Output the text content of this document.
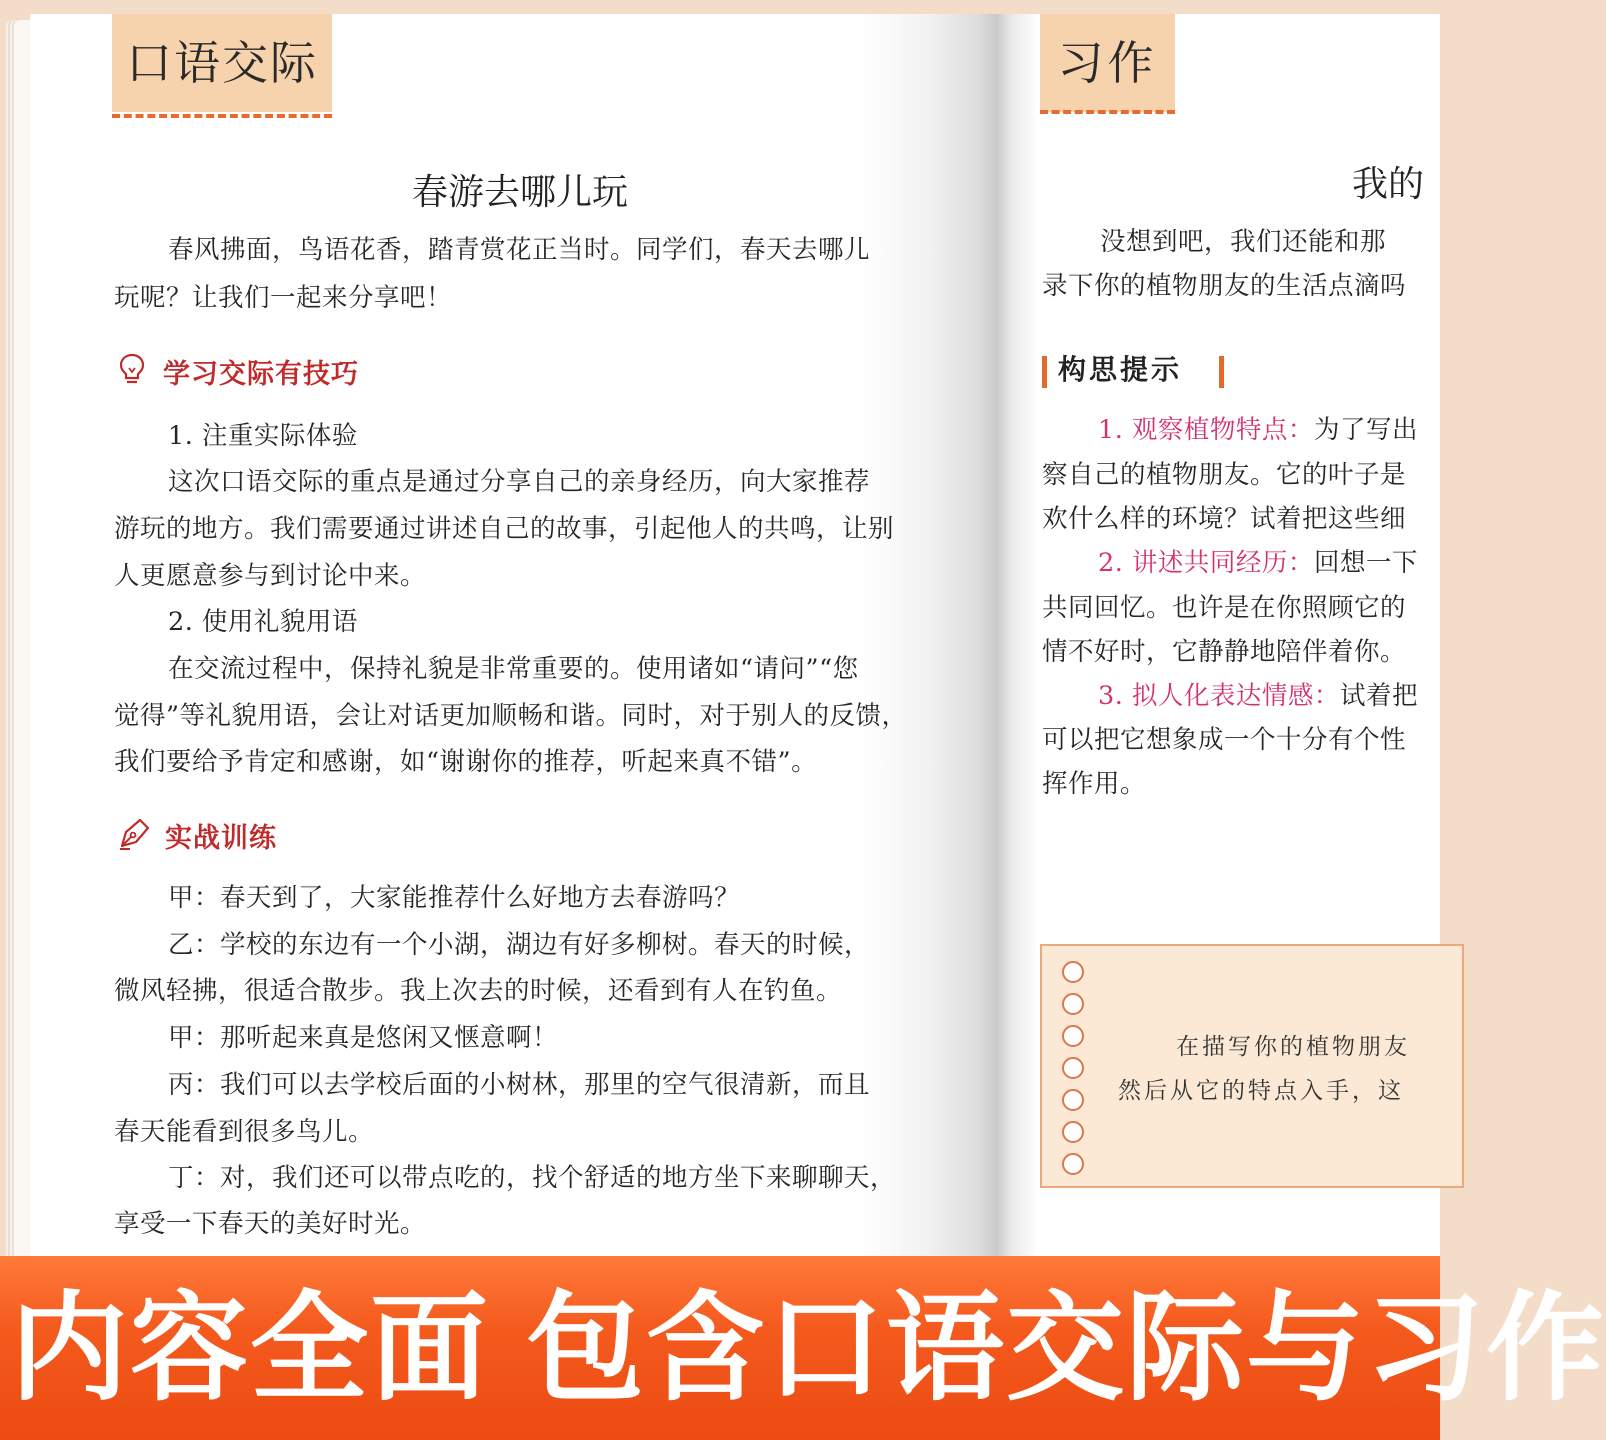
口语交际
春游去哪儿玩
春风拂面，鸟语花香，踏青赏花正当时。同学们，春天去哪儿
玩呢？让我们一起来分享吧！
学习交际有技巧
1. 注重实际体验
这次口语交际的重点是通过分享自己的亲身经历，向大家推荐
游玩的地方。我们需要通过讲述自己的故事，引起他人的共鸣，让别
人更愿意参与到讨论中来。
2. 使用礼貌用语
在交流过程中，保持礼貌是非常重要的。使用诸如“请问”“您
觉得”等礼貌用语，会让对话更加顺畅和谐。同时，对于别人的反馈，
我们要给予肯定和感谢，如“谢谢你的推荐，听起来真不错”。
实战训练
甲：春天到了，大家能推荐什么好地方去春游吗？
乙：学校的东边有一个小湖，湖边有好多柳树。春天的时候，
微风轻拂，很适合散步。我上次去的时候，还看到有人在钓鱼。
甲：那听起来真是悠闲又惬意啊！
丙：我们可以去学校后面的小树林，那里的空气很清新，而且
春天能看到很多鸟儿。
丁：对，我们还可以带点吃的，找个舒适的地方坐下来聊聊天，
享受一下春天的美好时光。
习作
我的
没想到吧，我们还能和那
录下你的植物朋友的生活点滴吗
构思提示
1. 观察植物特点：为了写出
察自己的植物朋友。它的叶子是
欢什么样的环境？试着把这些细
2. 讲述共同经历：回想一下
共同回忆。也许是在你照顾它的
情不好时，它静静地陪伴着你。
3. 拟人化表达情感：试着把
可以把它想象成一个十分有个性
挥作用。
在描写你的植物朋友
然后从它的特点入手，这
内容全面 包含口语交际与习作
